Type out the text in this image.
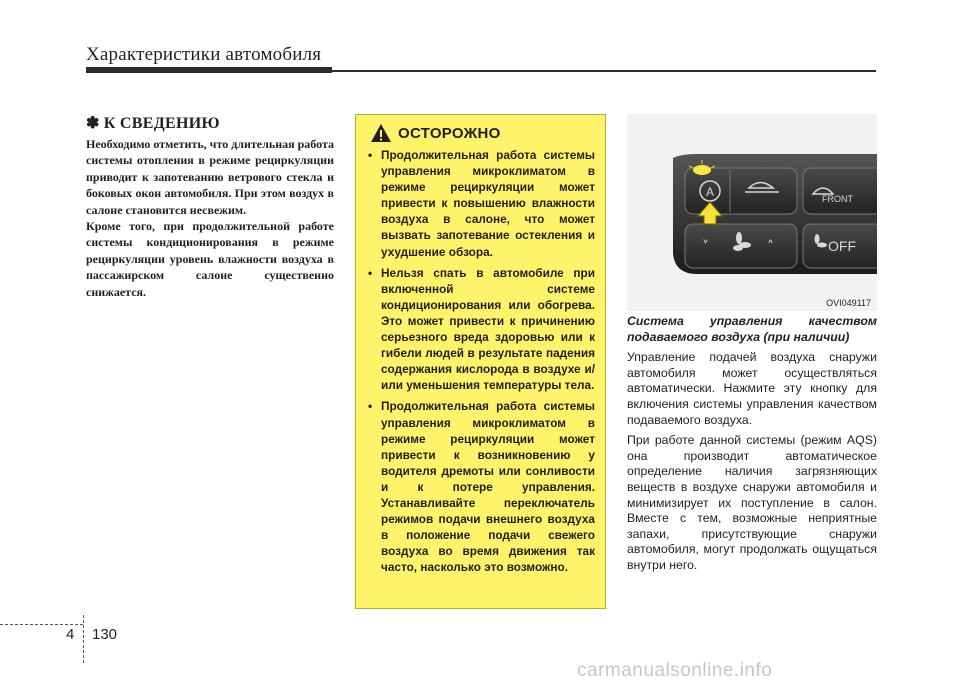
Характеристики автомобиля
✽ К СВЕДЕНИЮ

Необходимо отметить, что длительная работа системы отопления в режиме рециркуляции приводит к запотеванию ветрового стекла и боковых окон автомобиля. При этом воздух в салоне становится несвежим.

Кроме того, при продолжительной работе системы кондиционирования в режиме рециркуляции уровень влажности воздуха в пассажирском салоне существенно снижается.

ОСТОРОЖНО
• Продолжительная работа системы управления микроклиматом в режиме рециркуляции может привести к повышению влажности воздуха в салоне, что может вызвать запотевание остекления и ухудшение обзора.
• Нельзя спать в автомобиле при включенной системе кондиционирования или обогрева. Это может привести к причинению серьезного вреда здоровью или к гибели людей в результате падения содержания кислорода в воздухе и/или уменьшения температуры тела.
• Продолжительная работа системы управления микроклиматом в режиме рециркуляции может привести к возникновению у водителя дремоты или сонливости и к потере управления. Устанавливайте переключатель режимов подачи внешнего воздуха в положение подачи свежего воздуха во время движения так часто, насколько это возможно.
A	FRONT
˅	˄	OFF
OVI049117

Система управления качеством подаваемого воздуха (при наличии)

Управление подачей воздуха снаружи автомобиля может осуществляться автоматически. Нажмите эту кнопку для включения системы управления качеством подаваемого воздуха.

При работе данной системы (режим AQS) она производит автоматическое определение наличия загрязняющих веществ в воздухе снаружи автомобиля и минимизирует их поступление в салон. Вместе с тем, возможные неприятные запахи, присутствующие снаружи автомобиля, могут продолжать ощущаться внутри него.

4 130
carmanualsonline.info
